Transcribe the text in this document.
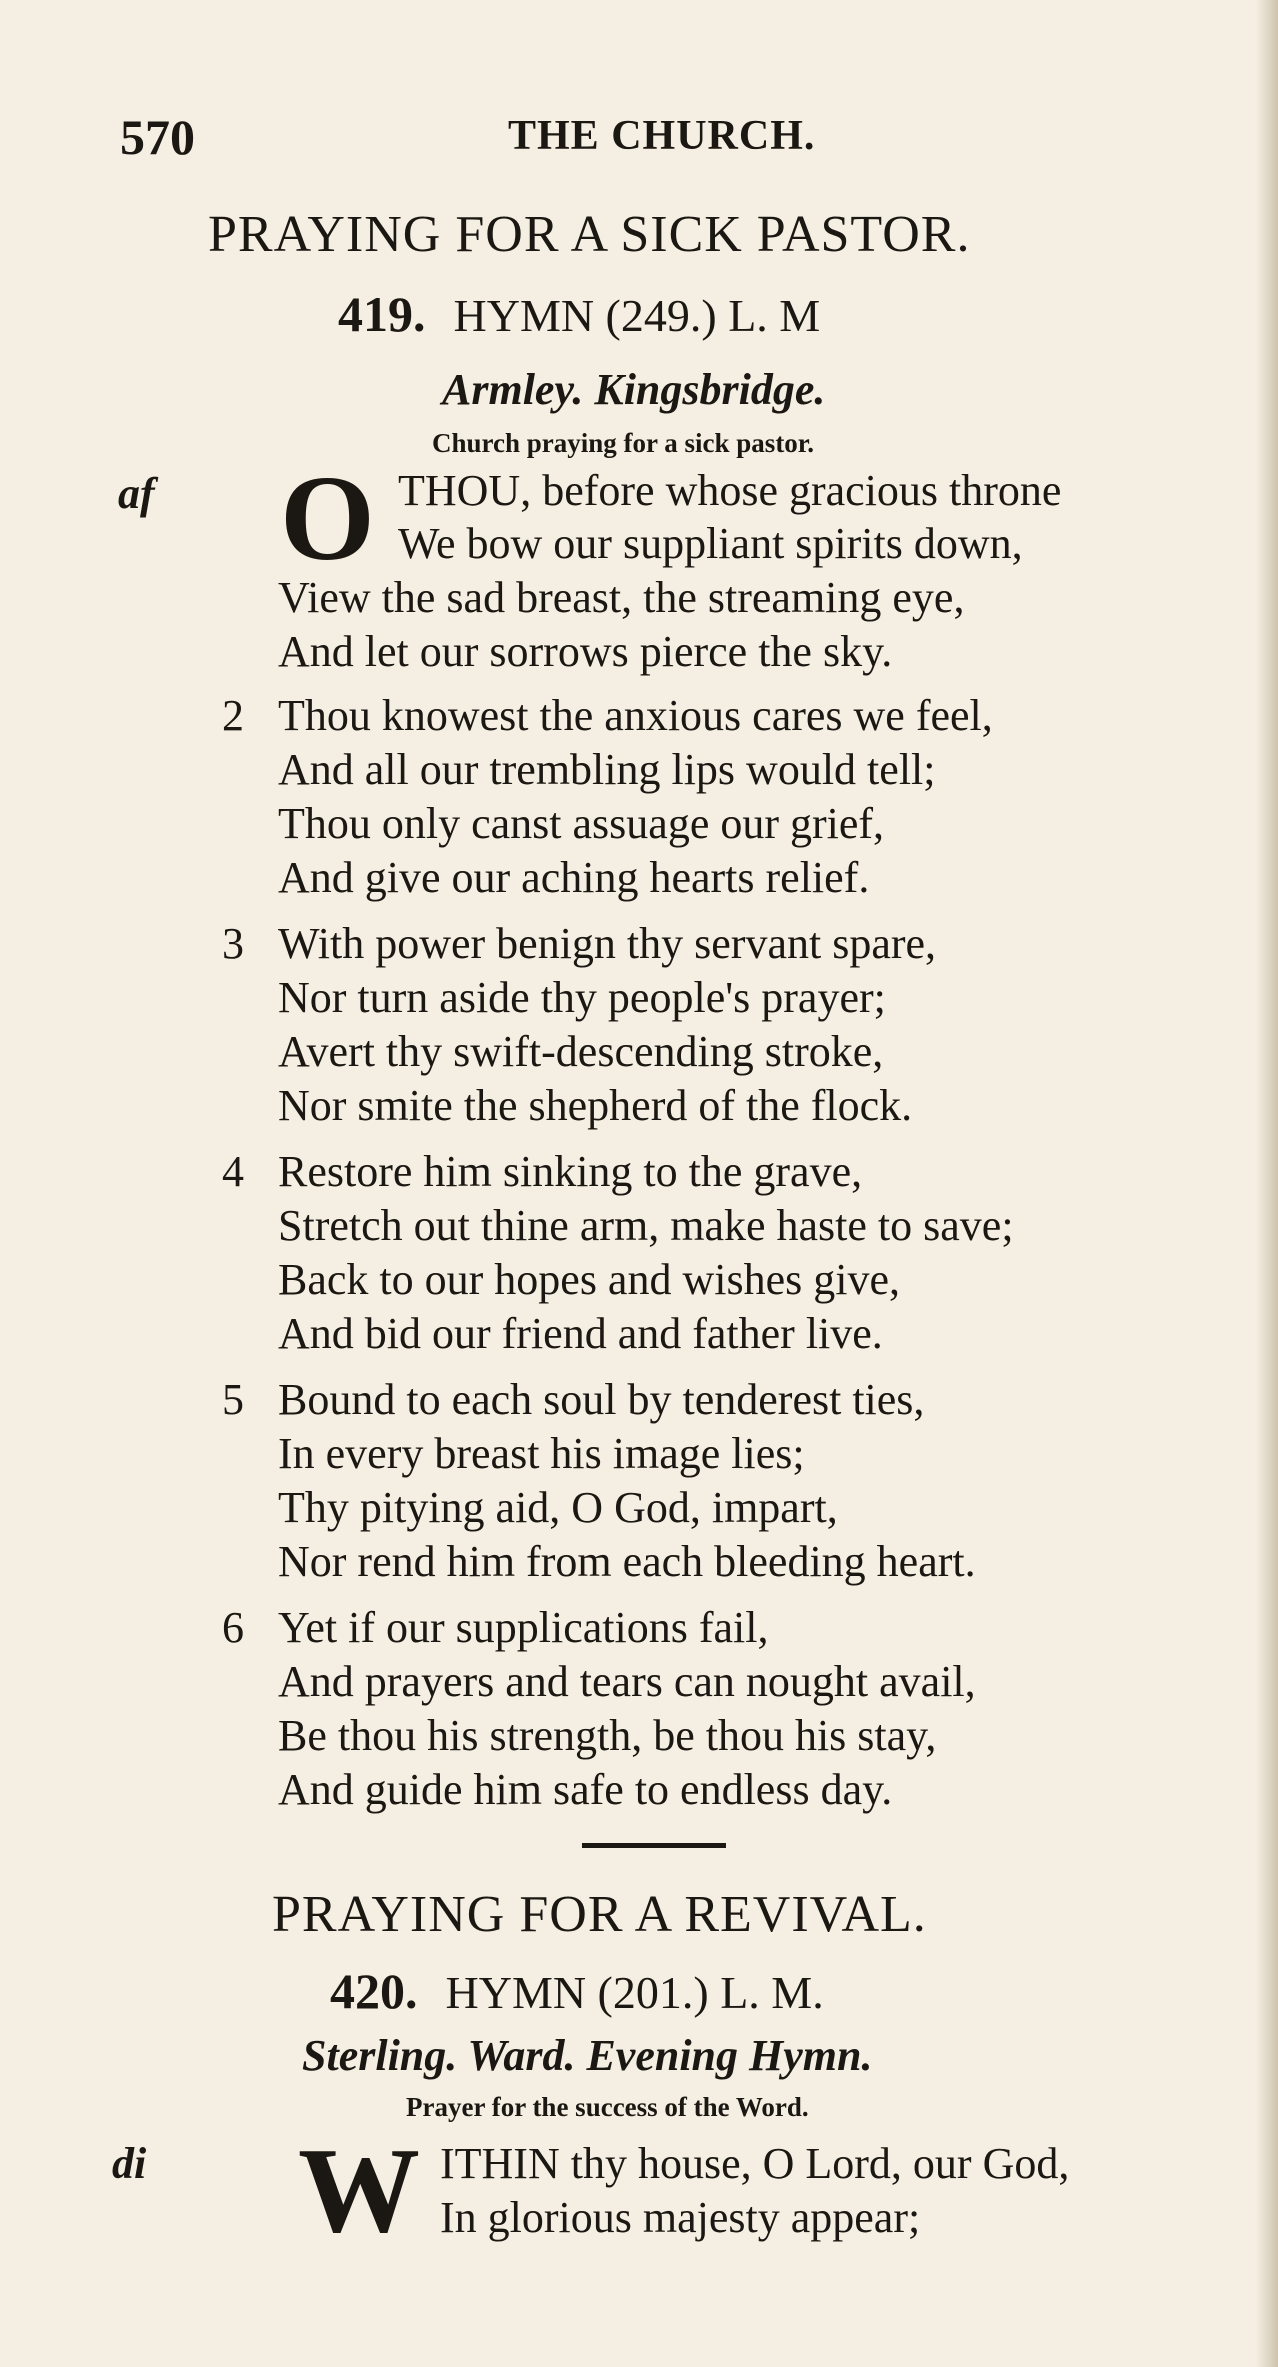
570	THE CHURCH.
PRAYING FOR A SICK PASTOR.
419. HYMN (249.) L. M
Armley. Kingsbridge.
Church praying for a sick pastor.
af O THOU, before whose gracious throne
We bow our suppliant spirits down,
View the sad breast, the streaming eye,
And let our sorrows pierce the sky.
2 Thou knowest the anxious cares we feel,
And all our trembling lips would tell;
Thou only canst assuage our grief,
And give our aching hearts relief.
3 With power benign thy servant spare,
Nor turn aside thy people's prayer;
Avert thy swift-descending stroke,
Nor smite the shepherd of the flock.
4 Restore him sinking to the grave,
Stretch out thine arm, make haste to save;
Back to our hopes and wishes give,
And bid our friend and father live.
5 Bound to each soul by tenderest ties,
In every breast his image lies;
Thy pitying aid, O God, impart,
Nor rend him from each bleeding heart.
6 Yet if our supplications fail,
And prayers and tears can nought avail,
Be thou his strength, be thou his stay,
And guide him safe to endless day.
PRAYING FOR A REVIVAL.
420. HYMN (201.) L. M.
Sterling. Ward. Evening Hymn.
Prayer for the success of the Word.
di W ITHIN thy house, O Lord, our God,
In glorious majesty appear;
